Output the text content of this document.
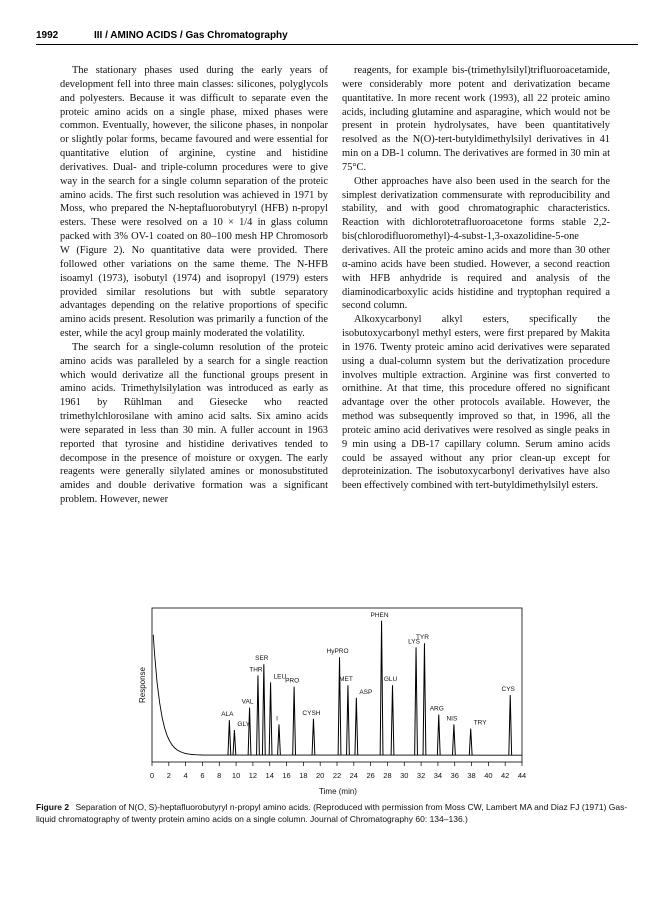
1992	III / AMINO ACIDS / Gas Chromatography

The stationary phases used during the early years of development fell into three main classes: silicones, polyglycols and polyesters. Because it was difficult to separate even the proteic amino acids on a single phase, mixed phases were common. Eventually, however, the silicone phases, in nonpolar or slightly polar forms, became favoured and were essential for quantitative elution of arginine, cystine and histidine derivatives. Dual- and triple-column procedures were to give way in the search for a single column separation of the proteic amino acids. The first such resolution was achieved in 1971 by Moss, who prepared the N-heptafluorobutyryl (HFB) n-propyl esters. These were resolved on a 10 × 1/4 in glass column packed with 3% OV-1 coated on 80–100 mesh HP Chromosorb W (Figure 2). No quantitative data were provided. There followed other variations on the same theme. The N-HFB isoamyl (1973), isobutyl (1974) and isopropyl (1979) esters provided similar resolutions but with subtle separatory advantages depending on the relative proportions of specific amino acids present. Resolution was primarily a function of the ester, while the acyl group mainly moderated the volatility.

The search for a single-column resolution of the proteic amino acids was paralleled by a search for a single reaction which would derivatize all the functional groups present in amino acids. Trimethylsilylation was introduced as early as 1961 by Rühlman and Giesecke who reacted trimethylchlorosilane with amino acid salts. Six amino acids were separated in less than 30 min. A fuller account in 1963 reported that tyrosine and histidine derivatives tended to decompose in the presence of moisture or oxygen. The early reagents were generally silylated amines or monosubstituted amides and double derivative formation was a significant problem. However, newer

reagents, for example bis-(trimethylsilyl)trifluoroacetamide, were considerably more potent and derivatization became quantitative. In more recent work (1993), all 22 proteic amino acids, including glutamine and asparagine, which would not be present in protein hydrolysates, have been quantitatively resolved as the N(O)-tert-butyldimethylsilyl derivatives in 41 min on a DB-1 column. The derivatives are formed in 30 min at 75°C.

Other approaches have also been used in the search for the simplest derivatization commensurate with reproducibility and stability, and with good chromatographic characteristics. Reaction with dichlorotetrafluoroacetone forms stable 2,2-bis(chlorodifluoromethyl)-4-subst-1,3-oxazolidine-5-one derivatives. All the proteic amino acids and more than 30 other α-amino acids have been studied. However, a second reaction with HFB anhydride is required and analysis of the diaminodicarboxylic acids histidine and tryptophan required a second column.

Alkoxycarbonyl alkyl esters, specifically the isobutoxycarbonyl methyl esters, were first prepared by Makita in 1976. Twenty proteic amino acid derivatives were separated using a dual-column system but the derivatization procedure involves multiple extraction. Arginine was first converted to ornithine. At that time, this procedure offered no significant advantage over the other protocols available. However, the method was subsequently improved so that, in 1996, all the proteic amino acid derivatives were resolved as single peaks in 9 min using a DB-17 capillary column. Serum amino acids could be assayed without any prior clean-up except for deproteinization. The isobutoxycarbonyl derivatives have also been effectively combined with tert-butyldimethylsilyl esters.

Response
Time (min)
0 2 4 6 8 10 12 14 16 18 20 22 24 26 28 30 32 34 36 38 40 42 44
ALA
GLY
VAL
THR
SER
LEU
I
PRO
CYSH
HyPRO
MET
ASP
PHEN
GLU
LYS
TYR
ARG
NIS
TRY
CYS
Figure 2 Separation of N(O, S)-heptafluorobutyryl n-propyl amino acids. (Reproduced with permission from Moss CW, Lambert MA and Diaz FJ (1971) Gas-liquid chromatography of twenty protein amino acids on a single column. Journal of Chromatography 60: 134–136.)
